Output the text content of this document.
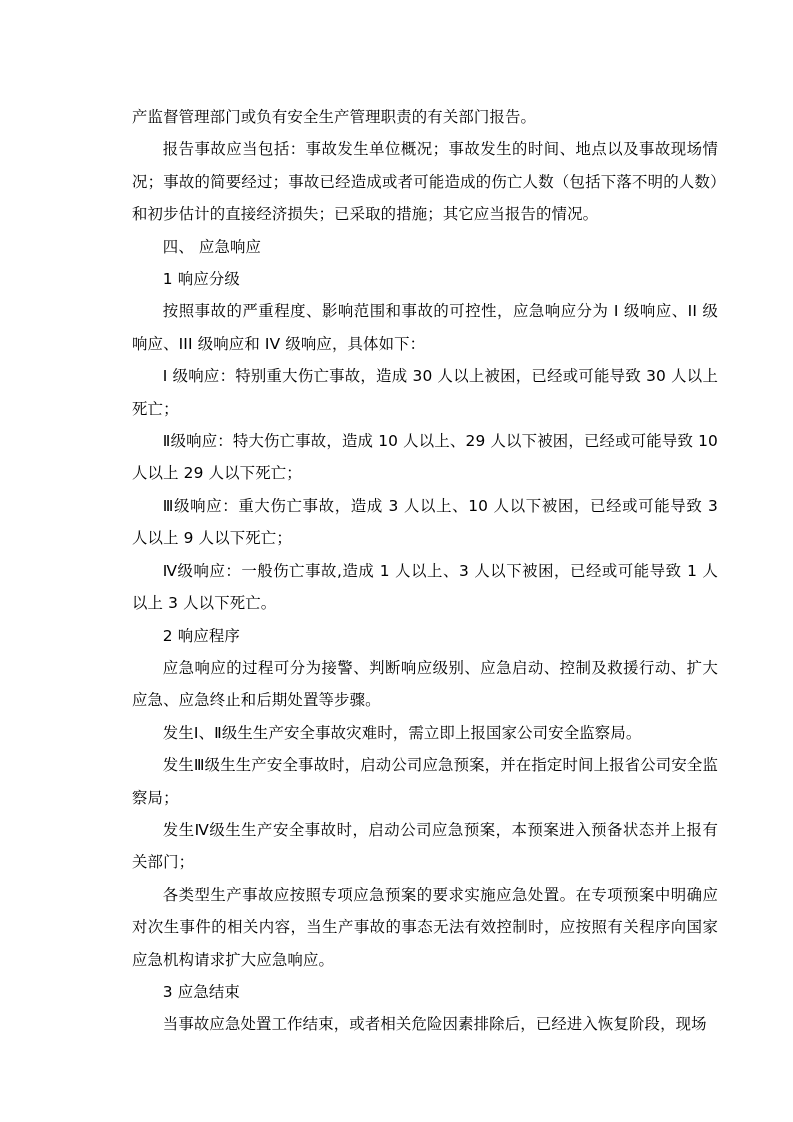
产监督管理部门或负有安全生产管理职责的有关部门报告。

报告事故应当包括：事故发生单位概况；事故发生的时间、地点以及事故现场情况；事故的简要经过；事故已经造成或者可能造成的伤亡人数（包括下落不明的人数）和初步估计的直接经济损失；已采取的措施；其它应当报告的情况。

四、 应急响应

1 响应分级

按照事故的严重程度、影响范围和事故的可控性，应急响应分为 I 级响应、II 级响应、III 级响应和 IV 级响应，具体如下：

I 级响应：特别重大伤亡事故，造成 30 人以上被困，已经或可能导致 30 人以上死亡；

Ⅱ级响应：特大伤亡事故，造成 10 人以上、29 人以下被困，已经或可能导致 10 人以上 29 人以下死亡；

Ⅲ级响应：重大伤亡事故，造成 3 人以上、10 人以下被困，已经或可能导致 3 人以上 9 人以下死亡；

Ⅳ级响应：一般伤亡事故,造成 1 人以上、3 人以下被困，已经或可能导致 1 人以上 3 人以下死亡。

2 响应程序

应急响应的过程可分为接警、判断响应级别、应急启动、控制及救援行动、扩大应急、应急终止和后期处置等步骤。

发生Ⅰ、Ⅱ级生生产安全事故灾难时，需立即上报国家公司安全监察局。

发生Ⅲ级生生产安全事故时，启动公司应急预案，并在指定时间上报省公司安全监察局；

发生Ⅳ级生生产安全事故时，启动公司应急预案，本预案进入预备状态并上报有关部门；

各类型生产事故应按照专项应急预案的要求实施应急处置。在专项预案中明确应对次生事件的相关内容，当生产事故的事态无法有效控制时，应按照有关程序向国家应急机构请求扩大应急响应。

3 应急结束

当事故应急处置工作结束，或者相关危险因素排除后，已经进入恢复阶段，现场
